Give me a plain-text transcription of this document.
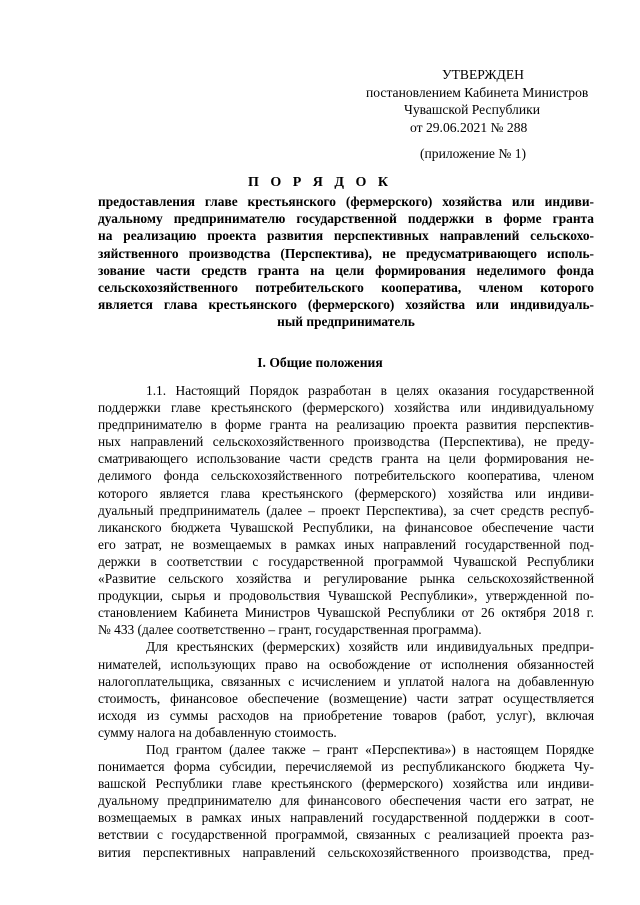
УТВЕРЖДЕН
постановлением Кабинета Министров
Чувашской Республики
от 29.06.2021 № 288
(приложение № 1)
П О Р Я Д О К
предоставления главе крестьянского (фермерского) хозяйства или индиви-
дуальному предпринимателю государственной поддержки в форме гранта
на реализацию проекта развития перспективных направлений сельскохо-
зяйственного производства (Перспектива), не предусматривающего исполь-
зование части средств гранта на цели формирования неделимого фонда
сельскохозяйственного потребительского кооператива, членом которого
является глава крестьянского (фермерского) хозяйства или индивидуаль-
ный предприниматель
I. Общие положения
1.1. Настоящий Порядок разработан в целях оказания государственной
поддержки главе крестьянского (фермерского) хозяйства или индивидуальному
предпринимателю в форме гранта на реализацию проекта развития перспектив-
ных направлений сельскохозяйственного производства (Перспектива), не преду-
сматривающего использование части средств гранта на цели формирования не-
делимого фонда сельскохозяйственного потребительского кооператива, членом
которого является глава крестьянского (фермерского) хозяйства или индиви-
дуальный предприниматель (далее – проект Перспектива), за счет средств респуб-
ликанского бюджета Чувашской Республики, на финансовое обеспечение части
его затрат, не возмещаемых в рамках иных направлений государственной под-
держки в соответствии с государственной программой Чувашской Республики
«Развитие сельского хозяйства и регулирование рынка сельскохозяйственной
продукции, сырья и продовольствия Чувашской Республики», утвержденной по-
становлением Кабинета Министров Чувашской Республики от 26 октября 2018 г.
№ 433 (далее соответственно – грант, государственная программа).
Для крестьянских (фермерских) хозяйств или индивидуальных предпри-
нимателей, использующих право на освобождение от исполнения обязанностей
налогоплательщика, связанных с исчислением и уплатой налога на добавленную
стоимость, финансовое обеспечение (возмещение) части затрат осуществляется
исходя из суммы расходов на приобретение товаров (работ, услуг), включая
сумму налога на добавленную стоимость.
Под грантом (далее также – грант «Перспектива») в настоящем Порядке
понимается форма субсидии, перечисляемой из республиканского бюджета Чу-
вашской Республики главе крестьянского (фермерского) хозяйства или индиви-
дуальному предпринимателю для финансового обеспечения части его затрат, не
возмещаемых в рамках иных направлений государственной поддержки в соот-
ветствии с государственной программой, связанных с реализацией проекта раз-
вития перспективных направлений сельскохозяйственного производства, пред-
